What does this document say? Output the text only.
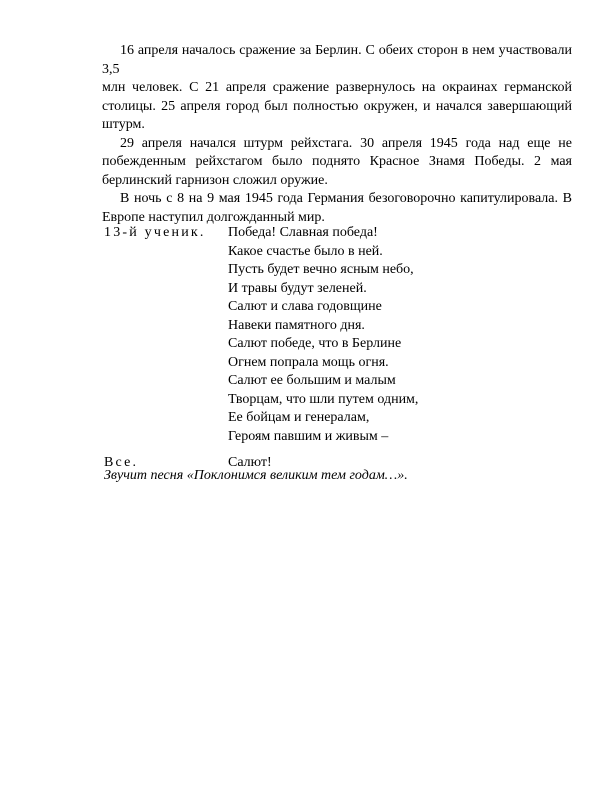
16 апреля началось сражение за Берлин. С обеих сторон в нем участвовали 3,5
млн человек. С 21 апреля сражение развернулось на окраинах германской
столицы. 25 апреля город был полностью окружен, и начался завершающий
штурм.

29 апреля начался штурм рейхстага. 30 апреля 1945 года над еще не
побежденным рейхстагом было поднято Красное Знамя Победы. 2 мая
берлинский гарнизон сложил оружие.

В ночь с 8 на 9 мая 1945 года Германия безоговорочно капитулировала. В
Европе наступил долгожданный мир.

13-й ученик. Победа! Славная победа!
Какое счастье было в ней.
Пусть будет вечно ясным небо,
И травы будут зеленей.
Салют и слава годовщине
Навеки памятного дня.
Салют победе, что в Берлине
Огнем попрала мощь огня.
Салют ее большим и малым
Творцам, что шли путем одним,
Ее бойцам и генералам,
Героям павшим и живым –
Все.	Салют!
Звучит песня «Поклонимся великим тем годам…».
